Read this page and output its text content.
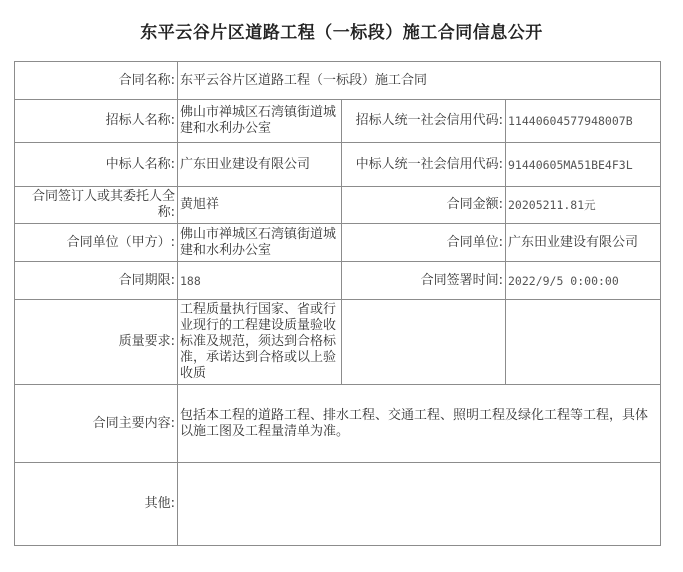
东平云谷片区道路工程（一标段）施工合同信息公开
合同名称:	东平云谷片区道路工程（一标段）施工合同		
招标人名称:	佛山市禅城区石湾镇街道城建和水利办公室	招标人统一社会信用代码:	11440604577948007B
中标人名称:	广东田业建设有限公司	中标人统一社会信用代码:	91440605MA51BE4F3L
合同签订人或其委托人全称:	黄旭祥	合同金额:	20205211.81元
合同单位（甲方）:	佛山市禅城区石湾镇街道城建和水利办公室	合同单位:	广东田业建设有限公司
合同期限:	188	合同签署时间:	2022/9/5 0:00:00
质量要求:	工程质量执行国家、省或行业现行的工程建设质量验收标准及规范，须达到合格标准，承诺达到合格或以上验收质		
合同主要内容:	包括本工程的道路工程、排水工程、交通工程、照明工程及绿化工程等工程，具体以施工图及工程量清单为准。		
其他:			
